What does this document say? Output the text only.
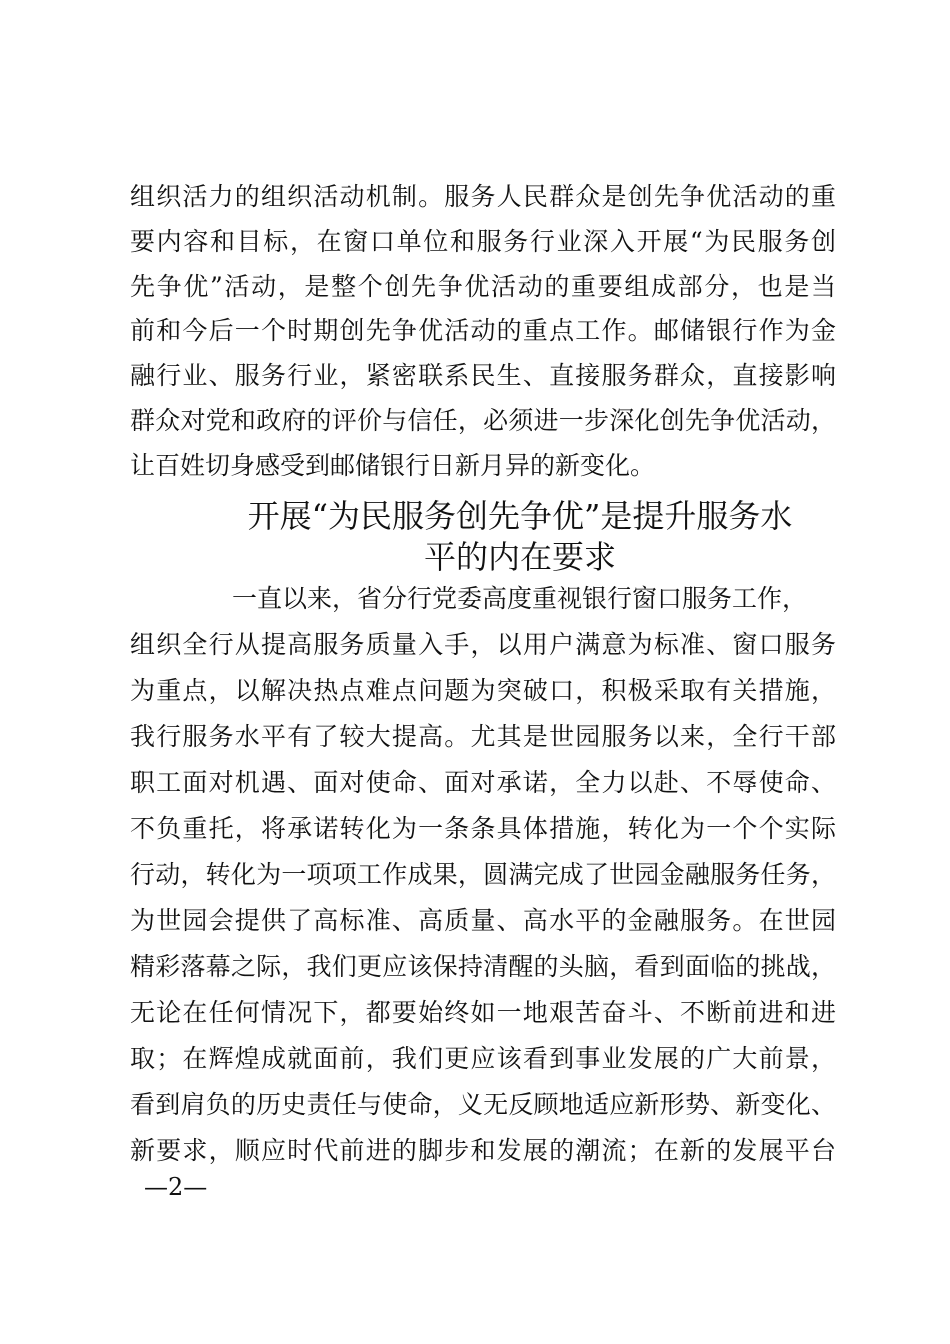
组织活力的组织活动机制。服务人民群众是创先争优活动的重
要内容和目标，在窗口单位和服务行业深入开展“为民服务创
先争优”活动，是整个创先争优活动的重要组成部分，也是当
前和今后一个时期创先争优活动的重点工作。邮储银行作为金
融行业、服务行业，紧密联系民生、直接服务群众，直接影响
群众对党和政府的评价与信任，必须进一步深化创先争优活动，
让百姓切身感受到邮储银行日新月异的新变化。
开展“为民服务创先争优”是提升服务水
平的内在要求
一直以来，省分行党委高度重视银行窗口服务工作，
组织全行从提高服务质量入手，以用户满意为标准、窗口服务
为重点，以解决热点难点问题为突破口，积极采取有关措施，
我行服务水平有了较大提高。尤其是世园服务以来，全行干部
职工面对机遇、面对使命、面对承诺，全力以赴、不辱使命、
不负重托，将承诺转化为一条条具体措施，转化为一个个实际
行动，转化为一项项工作成果，圆满完成了世园金融服务任务，
为世园会提供了高标准、高质量、高水平的金融服务。在世园
精彩落幕之际，我们更应该保持清醒的头脑，看到面临的挑战，
无论在任何情况下，都要始终如一地艰苦奋斗、不断前进和进
取；在辉煌成就面前，我们更应该看到事业发展的广大前景，
看到肩负的历史责任与使命，义无反顾地适应新形势、新变化、
新要求，顺应时代前进的脚步和发展的潮流；在新的发展平台
—2—
